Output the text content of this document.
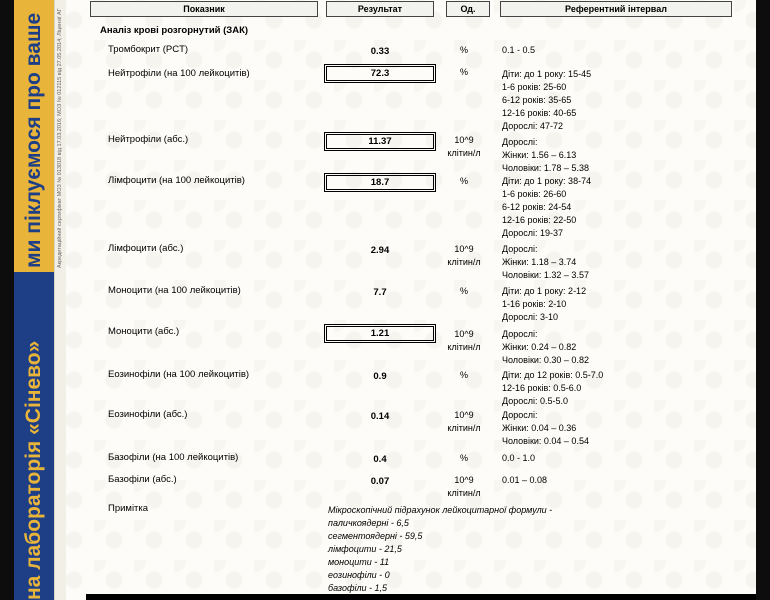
на лабораторія «Сінево»
ми піклуємося про ваше	Акредитаційний сертифікат МОЗ № 013018 від 17.03.2016; МОЗ № 012115 від 27.05.2014; Ліцензії АГ	Показник	Результат	Од.	Референтний інтервал
Аналіз крові розгорнутий (ЗАК)
Тромбокрит (PCT)	0.33	%	0.1 - 0.5
Нейтрофіли (на 100 лейкоцитів)	72.3	%	Діти: до 1 року: 15-45
1-6 років: 25-60
6-12 років: 35-65
12-16 років: 40-65
Дорослі: 47-72
Нейтрофіли (абс.)	11.37	10^9 клітин/л
Дорослі:
Жінки: 1.56 – 6.13
Чоловіки: 1.78 – 5.38
Лімфоцити (на 100 лейкоцитів)	18.7	%	Діти: до 1 року: 38-74
1-6 років: 26-60
6-12 років: 24-54
12-16 років: 22-50
Дорослі: 19-37
Лімфоцити (абс.)	2.94	10^9 клітин/л
Дорослі:
Жінки: 1.18 – 3.74
Чоловіки: 1.32 – 3.57
Моноцити (на 100 лейкоцитів)	7.7	%	Діти: до 1 року: 2-12
1-16 років: 2-10
Дорослі: 3-10
Моноцити (абс.)	1.21	10^9 клітин/л
Дорослі:
Жінки: 0.24 – 0.82
Чоловіки: 0.30 – 0.82
Еозинофіли (на 100 лейкоцитів)	0.9	%	Діти: до 12 років: 0.5-7.0
12-16 років: 0.5-6.0
Дорослі: 0.5-5.0
Еозинофіли (абс.)	0.14	10^9 клітин/л
Дорослі:
Жінки: 0.04 – 0.36
Чоловіки: 0.04 – 0.54
Базофіли (на 100 лейкоцитів)	0.4	%	0.0 - 1.0
Базофіли (абс.)	0.07	10^9 клітин/л
0.01 – 0.08
Примітка	Мікроскопічний підрахунок лейкоцитарної формули -
паличкоядерні - 6,5
сегментоядерні - 59,5
лімфоцити - 21,5
моноцити - 11
еозинофіли - 0
базофіли - 1,5
